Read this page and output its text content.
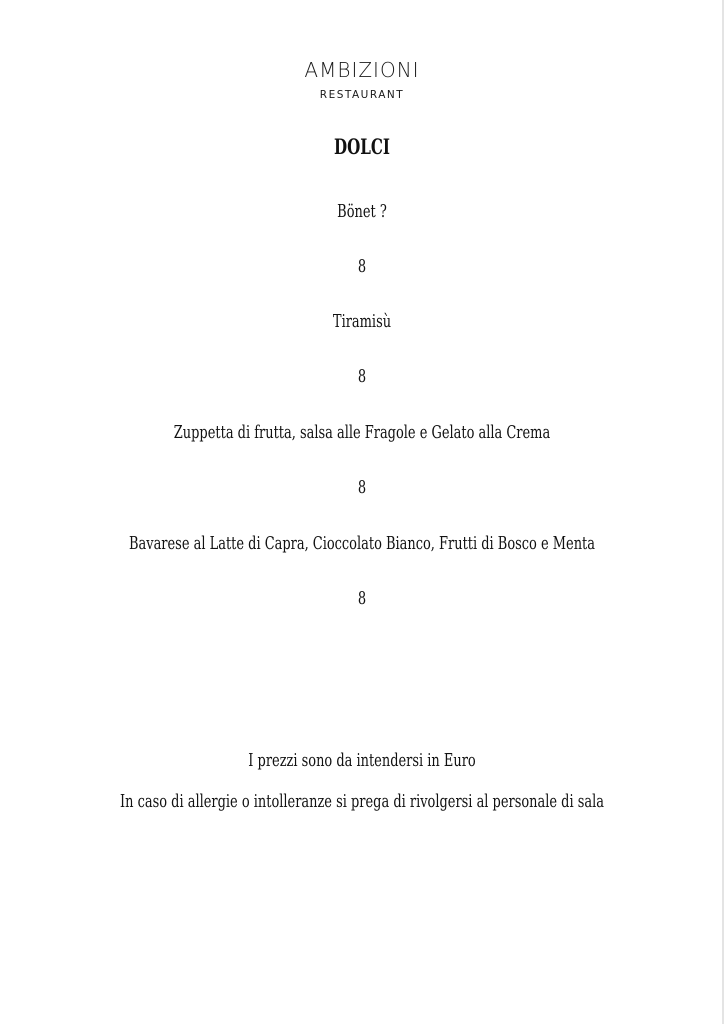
AMBIZIONI
RESTAURANT
DOLCI
Bönet ?
8
Tiramisù
8
Zuppetta di frutta, salsa alle Fragole e Gelato alla Crema
8
Bavarese al Latte di Capra, Cioccolato Bianco, Frutti di Bosco e Menta
8
I prezzi sono da intendersi in Euro
In caso di allergie o intolleranze si prega di rivolgersi al personale di sala
